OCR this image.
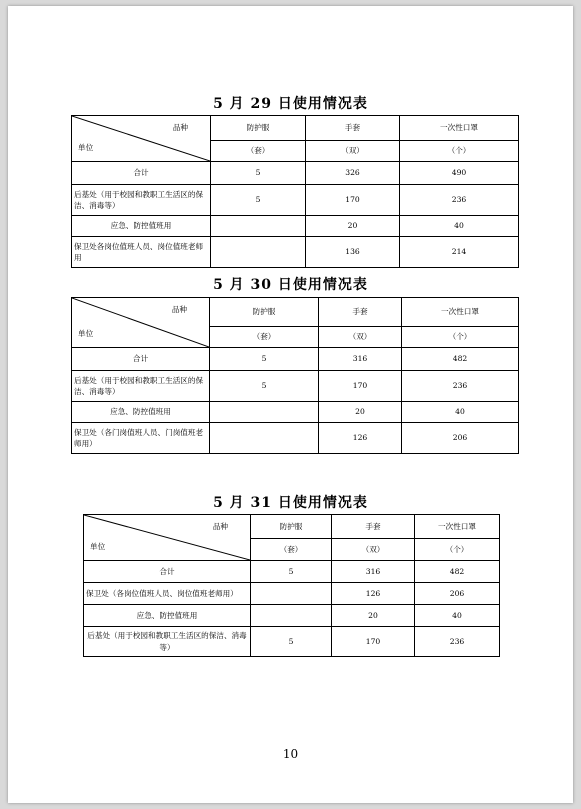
5 月 29 日使用情况表
品种
单位	防护服	手套	一次性口罩
	（套）	（双）	（个）
合计	5	326	490
后基处（用于校园和教职工生活区的保洁、消毒等）	5	170	236
应急、防控值班用		20	40
保卫处各岗位值班人员、岗位值班老师用		136	214
5 月 30 日使用情况表
品种
单位	防护服	手套	一次性口罩
	（套）	（双）	（个）
合计	5	316	482
后基处（用于校园和教职工生活区的保洁、消毒等）	5	170	236
应急、防控值班用		20	40
保卫处（各门岗值班人员、门岗值班老师用）		126	206
5 月 31 日使用情况表
品种
单位	防护服	手套	一次性口罩
	（套）	（双）	（个）
合计	5	316	482
保卫处（各岗位值班人员、岗位值班老师用）		126	206
应急、防控值班用		20	40
后基处（用于校园和教职工生活区的保洁、消毒等）	5	170	236
10
